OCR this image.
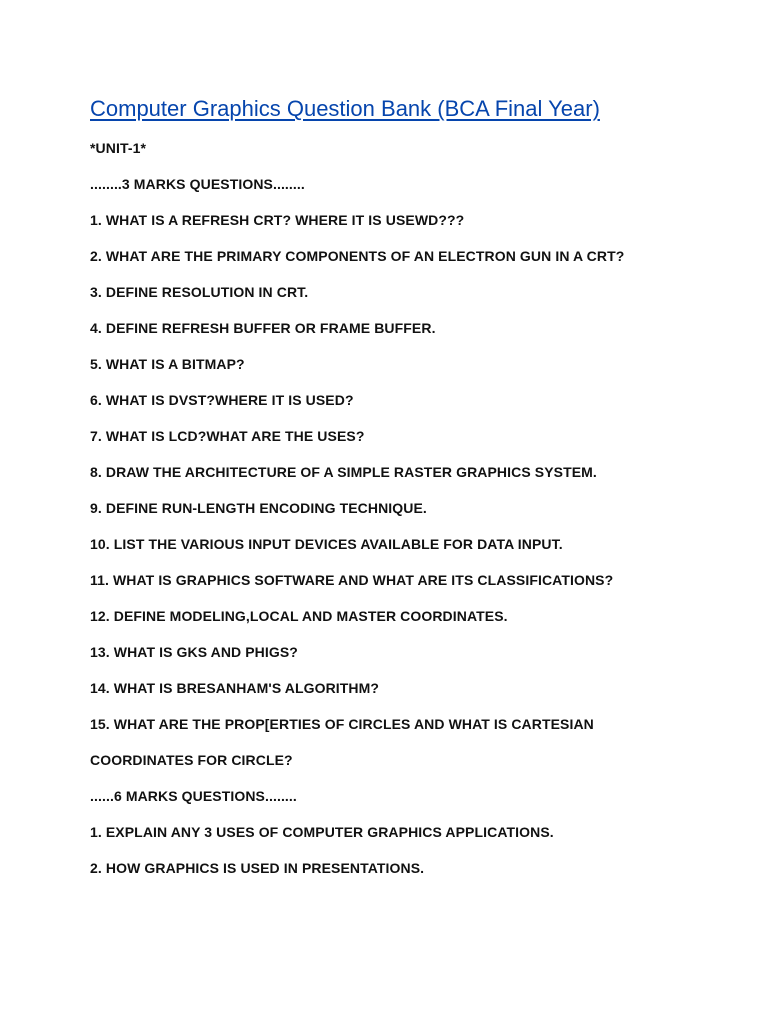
Computer Graphics Question Bank (BCA Final Year)
*UNIT-1*
........3 MARKS QUESTIONS........
1. WHAT IS A REFRESH CRT? WHERE IT IS USEWD???
2. WHAT ARE THE PRIMARY COMPONENTS OF AN ELECTRON GUN IN A CRT?
3. DEFINE RESOLUTION IN CRT.
4. DEFINE REFRESH BUFFER OR FRAME BUFFER.
5. WHAT IS A BITMAP?
6. WHAT IS DVST?WHERE IT IS USED?
7. WHAT IS LCD?WHAT ARE THE USES?
8. DRAW THE ARCHITECTURE OF A SIMPLE RASTER GRAPHICS SYSTEM.
9. DEFINE RUN-LENGTH ENCODING TECHNIQUE.
10. LIST THE VARIOUS INPUT DEVICES AVAILABLE FOR DATA INPUT.
11. WHAT IS GRAPHICS SOFTWARE AND WHAT ARE ITS CLASSIFICATIONS?
12. DEFINE MODELING,LOCAL AND MASTER COORDINATES.
13. WHAT IS GKS AND PHIGS?
14. WHAT IS BRESANHAM'S ALGORITHM?
15. WHAT ARE THE PROP[ERTIES OF CIRCLES AND WHAT IS CARTESIAN
COORDINATES FOR CIRCLE?
......6 MARKS QUESTIONS........
1. EXPLAIN ANY 3 USES OF COMPUTER GRAPHICS APPLICATIONS.
2. HOW GRAPHICS IS USED IN PRESENTATIONS.
